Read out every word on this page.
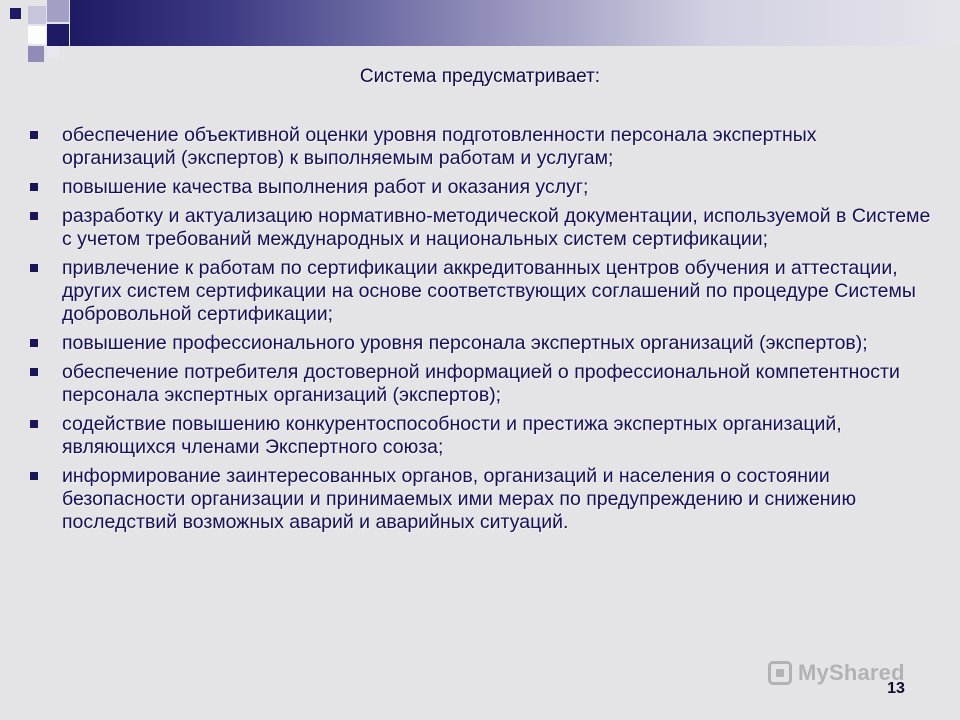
Система предусматривает:
обеспечение объективной оценки уровня подготовленности персонала экспертных организаций (экспертов) к выполняемым работам и услугам;
повышение качества выполнения работ и оказания услуг;
разработку и актуализацию нормативно-методической документации, используемой в Системе с учетом требований международных и национальных систем сертификации;
привлечение к работам по сертификации аккредитованных центров обучения и аттестации, других систем сертификации на основе соответствующих соглашений по процедуре Системы добровольной сертификации;
повышение профессионального уровня персонала экспертных организаций (экспертов);
обеспечение потребителя достоверной информацией о профессиональной компетентности персонала экспертных организаций (экспертов);
содействие повышению конкурентоспособности и престижа экспертных организаций, являющихся членами Экспертного союза;
информирование заинтересованных органов, организаций и населения о состоянии безопасности организации и принимаемых ими мерах по предупреждению и снижению последствий возможных аварий и аварийных ситуаций.
MyShared
13
